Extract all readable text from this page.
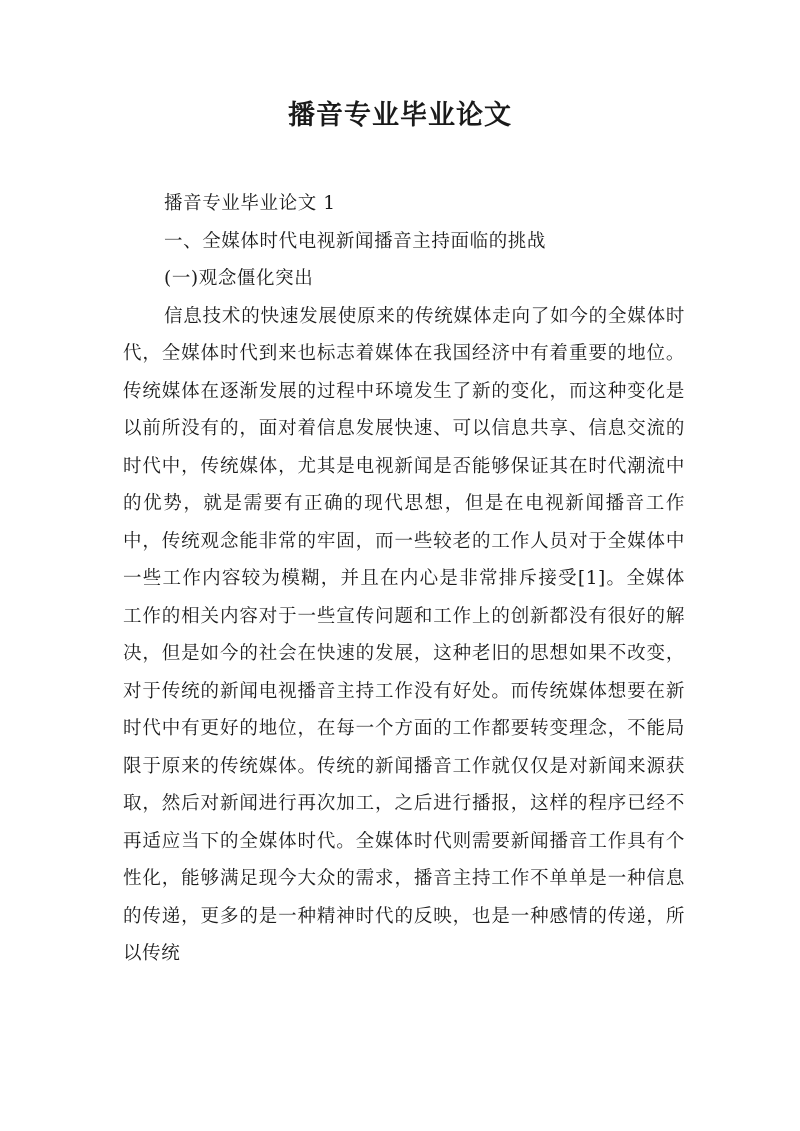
播音专业毕业论文

播音专业毕业论文 1

一、全媒体时代电视新闻播音主持面临的挑战

(一)观念僵化突出

信息技术的快速发展使原来的传统媒体走向了如今的全媒体时代，全媒体时代到来也标志着媒体在我国经济中有着重要的地位。传统媒体在逐渐发展的过程中环境发生了新的变化，而这种变化是以前所没有的，面对着信息发展快速、可以信息共享、信息交流的时代中，传统媒体，尤其是电视新闻是否能够保证其在时代潮流中的优势，就是需要有正确的现代思想，但是在电视新闻播音工作中，传统观念能非常的牢固，而一些较老的工作人员对于全媒体中一些工作内容较为模糊，并且在内心是非常排斥接受[1]。全媒体工作的相关内容对于一些宣传问题和工作上的创新都没有很好的解决，但是如今的社会在快速的发展，这种老旧的思想如果不改变，对于传统的新闻电视播音主持工作没有好处。而传统媒体想要在新时代中有更好的地位，在每一个方面的工作都要转变理念，不能局限于原来的传统媒体。传统的新闻播音工作就仅仅是对新闻来源获取，然后对新闻进行再次加工，之后进行播报，这样的程序已经不再适应当下的全媒体时代。全媒体时代则需要新闻播音工作具有个性化，能够满足现今大众的需求，播音主持工作不单单是一种信息的传递，更多的是一种精神时代的反映，也是一种感情的传递，所以传统
